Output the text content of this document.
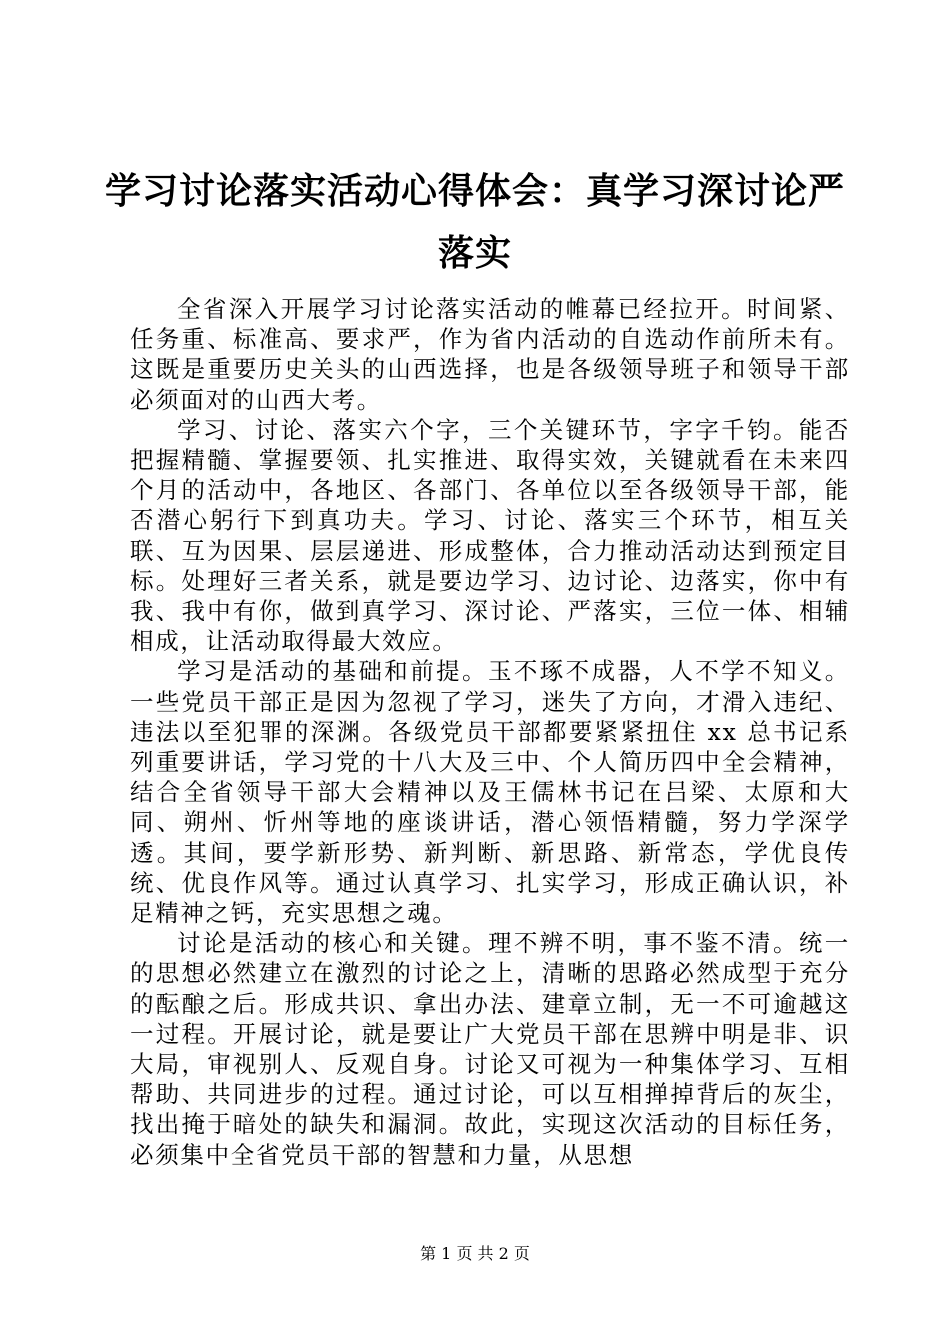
学习讨论落实活动心得体会：真学习深讨论严落实

全省深入开展学习讨论落实活动的帷幕已经拉开。时间紧、任务重、标准高、要求严，作为省内活动的自选动作前所未有。这既是重要历史关头的山西选择，也是各级领导班子和领导干部必须面对的山西大考。

学习、讨论、落实六个字，三个关键环节，字字千钧。能否把握精髓、掌握要领、扎实推进、取得实效，关键就看在未来四个月的活动中，各地区、各部门、各单位以至各级领导干部，能否潜心躬行下到真功夫。学习、讨论、落实三个环节，相互关联、互为因果、层层递进、形成整体，合力推动活动达到预定目标。处理好三者关系，就是要边学习、边讨论、边落实，你中有我、我中有你，做到真学习、深讨论、严落实，三位一体、相辅相成，让活动取得最大效应。

学习是活动的基础和前提。玉不琢不成器，人不学不知义。一些党员干部正是因为忽视了学习，迷失了方向，才滑入违纪、违法以至犯罪的深渊。各级党员干部都要紧紧扭住 xx 总书记系列重要讲话，学习党的十八大及三中、个人简历四中全会精神，结合全省领导干部大会精神以及王儒林书记在吕梁、太原和大同、朔州、忻州等地的座谈讲话，潜心领悟精髓，努力学深学透。其间，要学新形势、新判断、新思路、新常态，学优良传统、优良作风等。通过认真学习、扎实学习，形成正确认识，补足精神之钙，充实思想之魂。

讨论是活动的核心和关键。理不辨不明，事不鉴不清。统一的思想必然建立在激烈的讨论之上，清晰的思路必然成型于充分的酝酿之后。形成共识、拿出办法、建章立制，无一不可逾越这一过程。开展讨论，就是要让广大党员干部在思辨中明是非、识大局，审视别人、反观自身。讨论又可视为一种集体学习、互相帮助、共同进步的过程。通过讨论，可以互相掸掉背后的灰尘，找出掩于暗处的缺失和漏洞。故此，实现这次活动的目标任务，必须集中全省党员干部的智慧和力量，从思想

第 1 页 共 2 页
